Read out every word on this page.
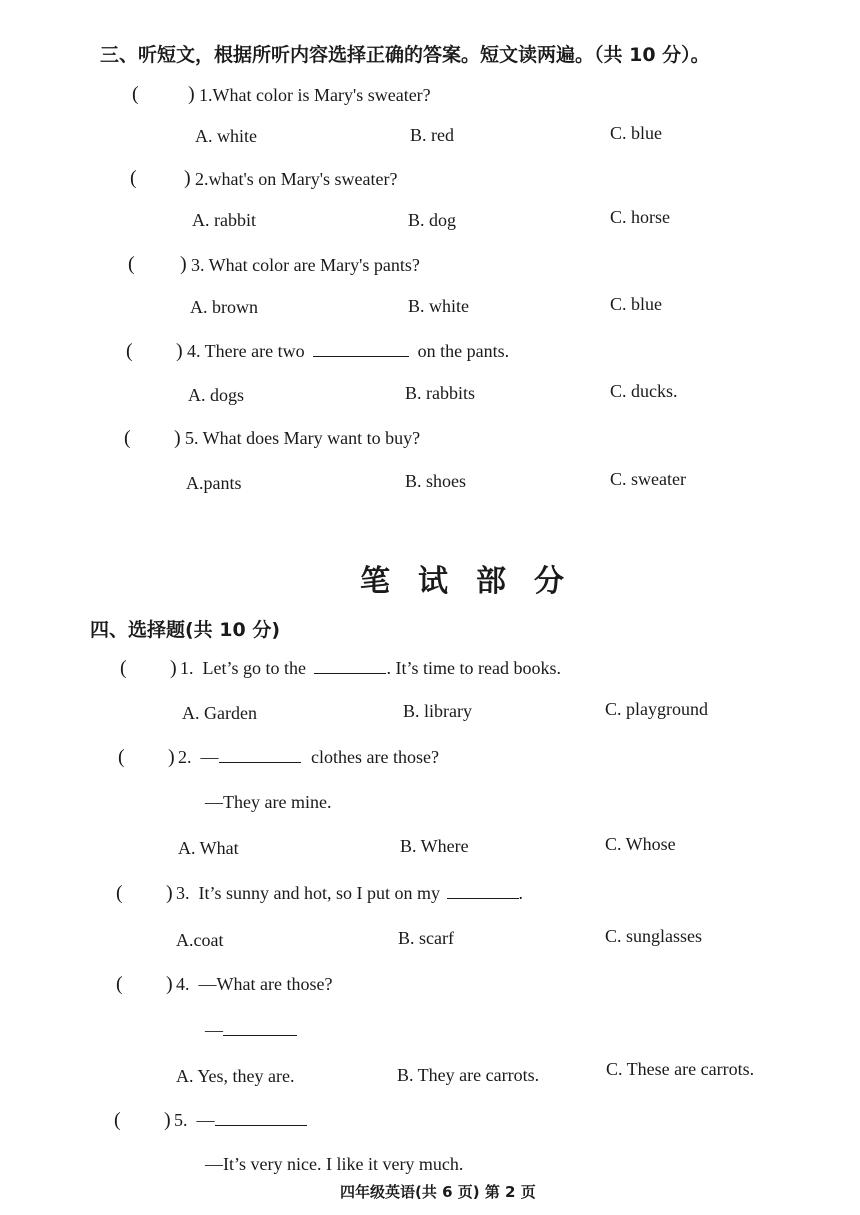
三、听短文，根据所听内容选择正确的答案。短文读两遍。（共 10 分）。
( ) 1.What color is Mary's sweater?
A. white	B. red	C. blue
( ) 2.what's on Mary's sweater?
A. rabbit	B. dog	C. horse
( ) 3. What color are Mary's pants?
A. brown	B. white	C. blue
( ) 4. There are two	on the pants.
A. dogs	B. rabbits	C. ducks.
( ) 5. What does Mary want to buy?
A.pants	B. shoes	C. sweater
笔试部分
四、选择题(共 10 分)
( ) 1. Let’s go to the	. It’s time to read books.
A. Garden	B. library	C. playground
( ) 2. —	clothes are those?
—They are mine.
A. What	B. Where	C. Whose
( ) 3. It’s sunny and hot, so I put on my	.
A.coat	B. scarf	C. sunglasses
( ) 4. —What are those?
—
A. Yes, they are.	B. They are carrots.	C. These are carrots.
( ) 5. —
—It’s very nice. I like it very much.
四年级英语(共 6 页) 第 2 页
